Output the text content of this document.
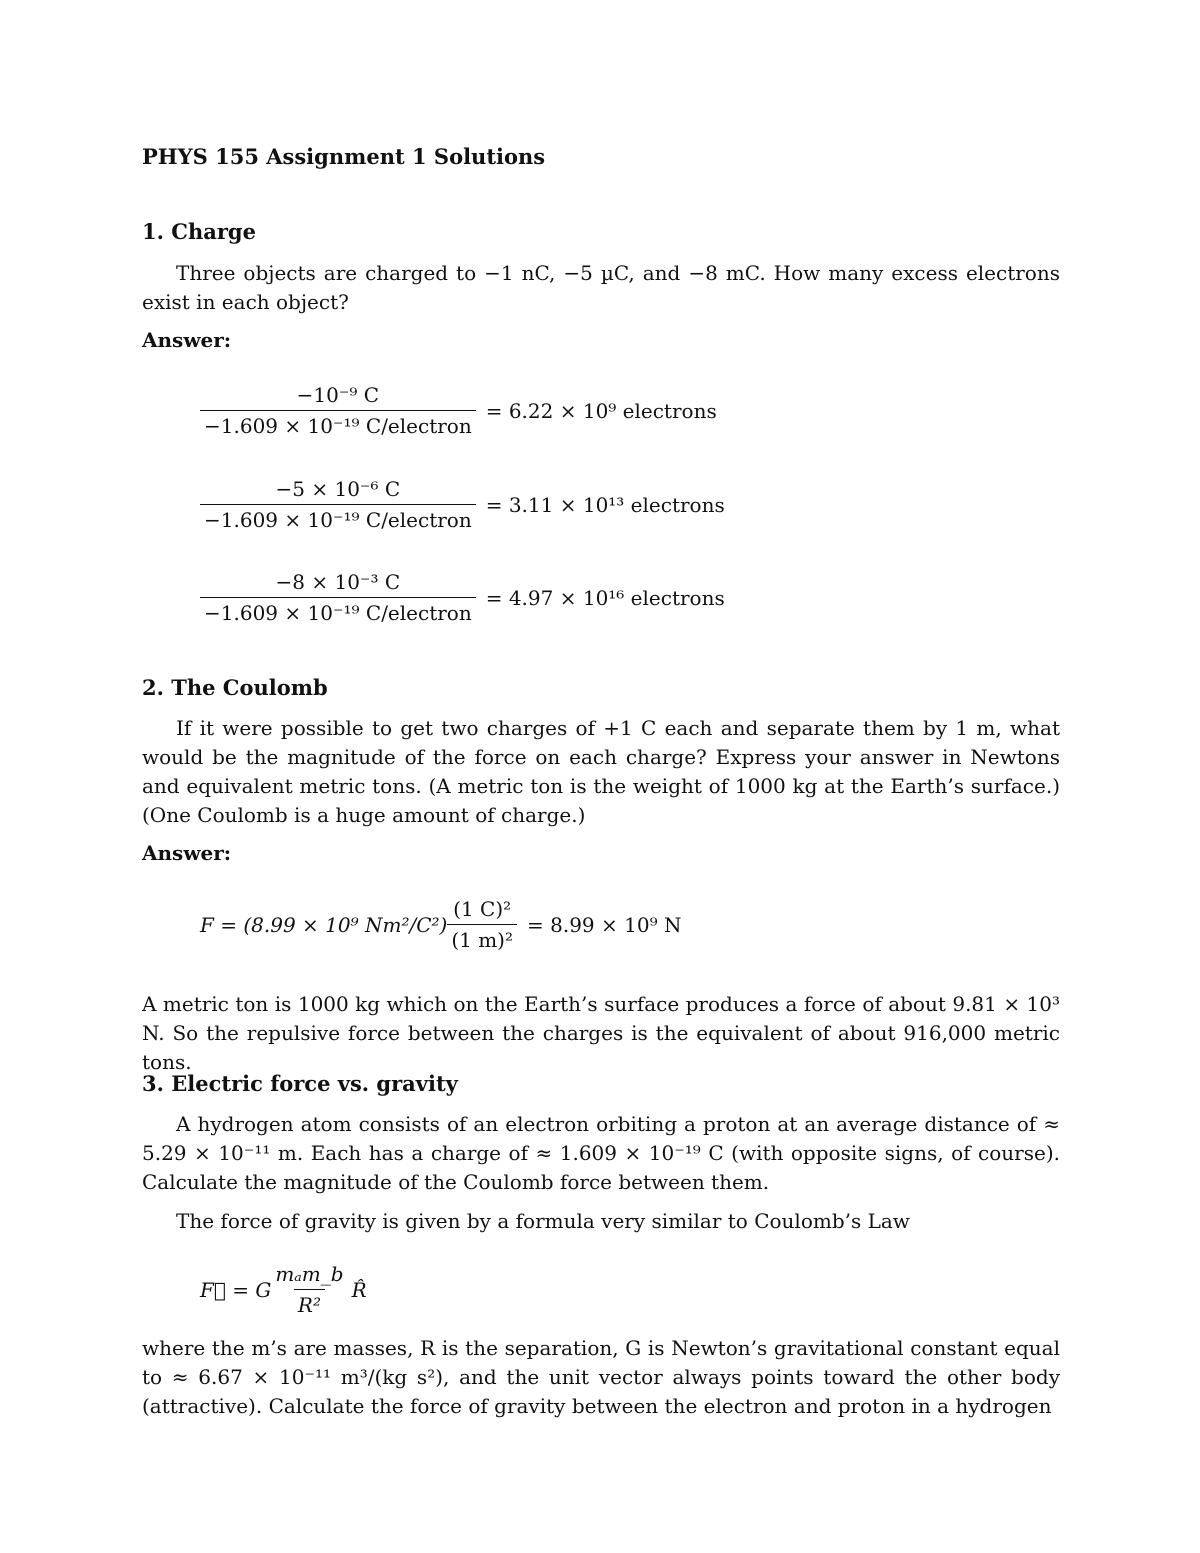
PHYS 155 Assignment 1 Solutions
1. Charge
Three objects are charged to −1 nC, −5 µC, and −8 mC. How many excess electrons exist in each object?
Answer:
$\frac{\text{−10⁻⁹ C}}{\text{−1.609 × 10⁻¹⁹ C/electron}} = 6.22 \times 10^9$ electrons
$\frac{\text{−5 × 10⁻⁶ C}}{\text{−1.609 × 10⁻¹⁹ C/electron}} = 3.11 \times 10^{13}$ electrons
$\frac{\text{−8 × 10⁻³ C}}{\text{−1.609 × 10⁻¹⁹ C/electron}} = 4.97 \times 10^{16}$ electrons
2. The Coulomb
If it were possible to get two charges of +1 C each and separate them by 1 m, what would be the magnitude of the force on each charge? Express your answer in Newtons and equivalent metric tons. (A metric ton is the weight of 1000 kg at the Earth’s surface.) (One Coulomb is a huge amount of charge.)
Answer:
F = (8.99 × 10⁹ $Nm^2/C^2) \frac{\text{(1 C)²}}{\text{(1 m)²}} = 8.99 \times 10^9$ N
A metric ton is 1000 kg which on the Earth’s surface produces a force of about 9.81 × 10³ N. So the repulsive force between the charges is the equivalent of about 916,000 metric tons.
3. Electric force vs. gravity
A hydrogen atom consists of an electron orbiting a proton at an average distance of ≈ 5.29 × 10⁻¹¹ m. Each has a charge of ≈ 1.609 × 10⁻¹⁹ C (with opposite signs, of course). Calculate the magnitude of the Coulomb force between them.
The force of gravity is given by a formula very similar to Coulomb’s Law
F⃗ = G $\frac{\text{mₐm\_b}}{\text{R²}}$ R̂
where the m’s are masses, R is the separation, G is Newton’s gravitational constant equal to ≈ 6.67 × 10⁻¹¹ m³/(kg s²), and the unit vector always points toward the other body (attractive). Calculate the force of gravity between the electron and proton in a hydrogen
